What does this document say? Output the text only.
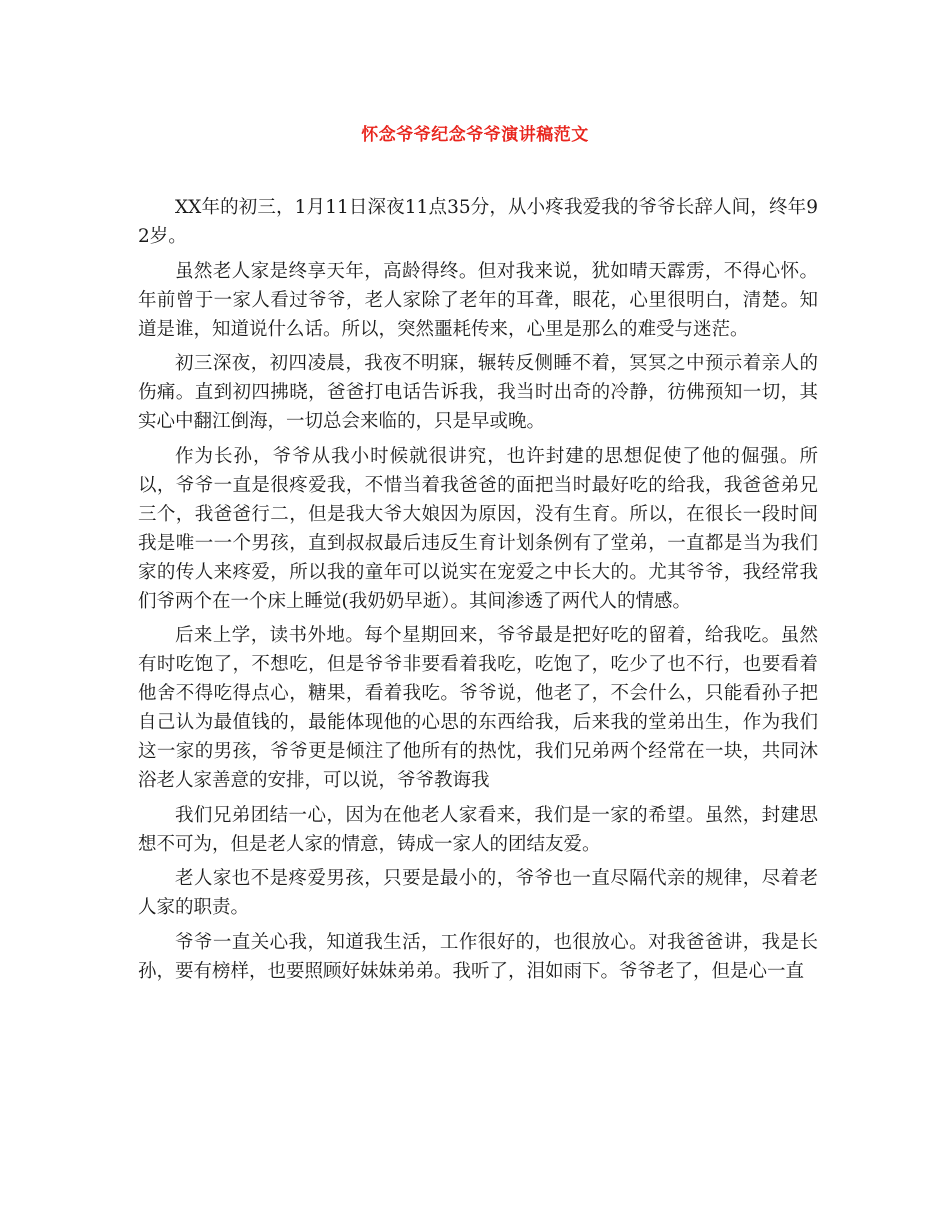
怀念爷爷纪念爷爷演讲稿范文

XX年的初三，1月11日深夜11点35分，从小疼我爱我的爷爷长辞人间，终年92岁。

虽然老人家是终享天年，高龄得终。但对我来说，犹如晴天霹雳，不得心怀。年前曾于一家人看过爷爷，老人家除了老年的耳聋，眼花，心里很明白，清楚。知道是谁，知道说什么话。所以，突然噩耗传来，心里是那么的难受与迷茫。

初三深夜，初四凌晨，我夜不明寐，辗转反侧睡不着，冥冥之中预示着亲人的伤痛。直到初四拂晓，爸爸打电话告诉我，我当时出奇的冷静，彷佛预知一切，其实心中翻江倒海，一切总会来临的，只是早或晚。

作为长孙，爷爷从我小时候就很讲究，也许封建的思想促使了他的倔强。所以，爷爷一直是很疼爱我，不惜当着我爸爸的面把当时最好吃的给我，我爸爸弟兄三个，我爸爸行二，但是我大爷大娘因为原因，没有生育。所以，在很长一段时间我是唯一一个男孩，直到叔叔最后违反生育计划条例有了堂弟，一直都是当为我们家的传人来疼爱，所以我的童年可以说实在宠爱之中长大的。尤其爷爷，我经常我们爷两个在一个床上睡觉(我奶奶早逝）。其间渗透了两代人的情感。

后来上学，读书外地。每个星期回来，爷爷最是把好吃的留着，给我吃。虽然有时吃饱了，不想吃，但是爷爷非要看着我吃，吃饱了，吃少了也不行，也要看着他舍不得吃得点心，糖果，看着我吃。爷爷说，他老了，不会什么，只能看孙子把自己认为最值钱的，最能体现他的心思的东西给我，后来我的堂弟出生，作为我们这一家的男孩，爷爷更是倾注了他所有的热忱，我们兄弟两个经常在一块，共同沐浴老人家善意的安排，可以说，爷爷教诲我

我们兄弟团结一心，因为在他老人家看来，我们是一家的希望。虽然，封建思想不可为，但是老人家的情意，铸成一家人的团结友爱。

老人家也不是疼爱男孩，只要是最小的，爷爷也一直尽隔代亲的规律，尽着老人家的职责。

爷爷一直关心我，知道我生活，工作很好的，也很放心。对我爸爸讲，我是长孙，要有榜样，也要照顾好妹妹弟弟。我听了，泪如雨下。爷爷老了，但是心一直
